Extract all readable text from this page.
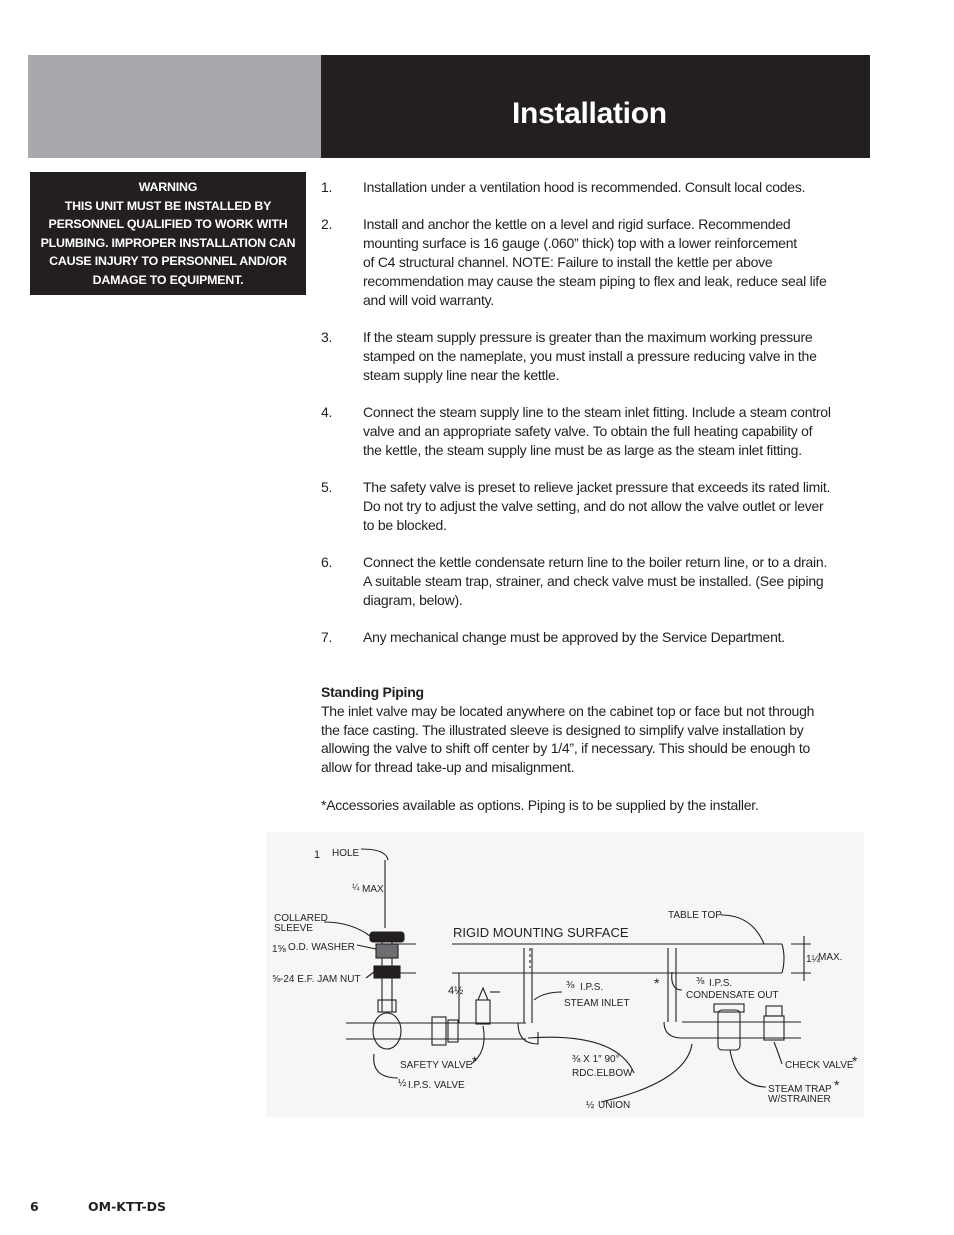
Installation
WARNING
THIS UNIT MUST BE INSTALLED BY
PERSONNEL QUALIFIED TO WORK WITH
PLUMBING. IMPROPER INSTALLATION CAN
CAUSE INJURY TO PERSONNEL AND/OR
DAMAGE TO EQUIPMENT.
1.	Installation under a ventilation hood is recommended. Consult local codes.
2.	Install and anchor the kettle on a level and rigid surface. Recommended
mounting surface is 16 gauge (.060” thick) top with a lower reinforcement
of C4 structural channel. NOTE: Failure to install the kettle per above
recommendation may cause the steam piping to flex and leak, reduce seal life
and will void warranty.
3.	If the steam supply pressure is greater than the maximum working pressure
stamped on the nameplate, you must install a pressure reducing valve in the
steam supply line near the kettle.
4.	Connect the steam supply line to the steam inlet fitting. Include a steam control
valve and an appropriate safety valve. To obtain the full heating capability of
the kettle, the steam supply line must be as large as the steam inlet fitting.
5.	The safety valve is preset to relieve jacket pressure that exceeds its rated limit.
Do not try to adjust the valve setting, and do not allow the valve outlet or lever
to be blocked.
6.	Connect the kettle condensate return line to the boiler return line, or to a drain.
A suitable steam trap, strainer, and check valve must be installed. (See piping
diagram, below).
7.	Any mechanical change must be approved by the Service Department.
Standing Piping
The inlet valve may be located anywhere on the cabinet top or face but not through
the face casting. The illustrated sleeve is designed to simplify valve installation by
allowing the valve to shift off center by 1/4”, if necessary. This should be enough to
allow for thread take-up and misalignment.
*Accessories available as options. Piping is to be supplied by the installer.
1
¼
1⅝
⅝
4½	⅜	⅜
1¼
½
⅜ X 1″ 90°
½
HOLE
MAX.
COLLARED
SLEEVE
O.D. WASHER
-24 E.F. JAM NUT
RIGID MOUNTING SURFACE
TABLE TOP
MAX.
I.P.S.
STEAM INLET
I.P.S.
CONDENSATE OUT
SAFETY VALVE
I.P.S. VALVE
RDC.ELBOW
UNION
CHECK VALVE
STEAM TRAP
W/STRAINER
*
*
*
*
6	OM-KTT-DS
